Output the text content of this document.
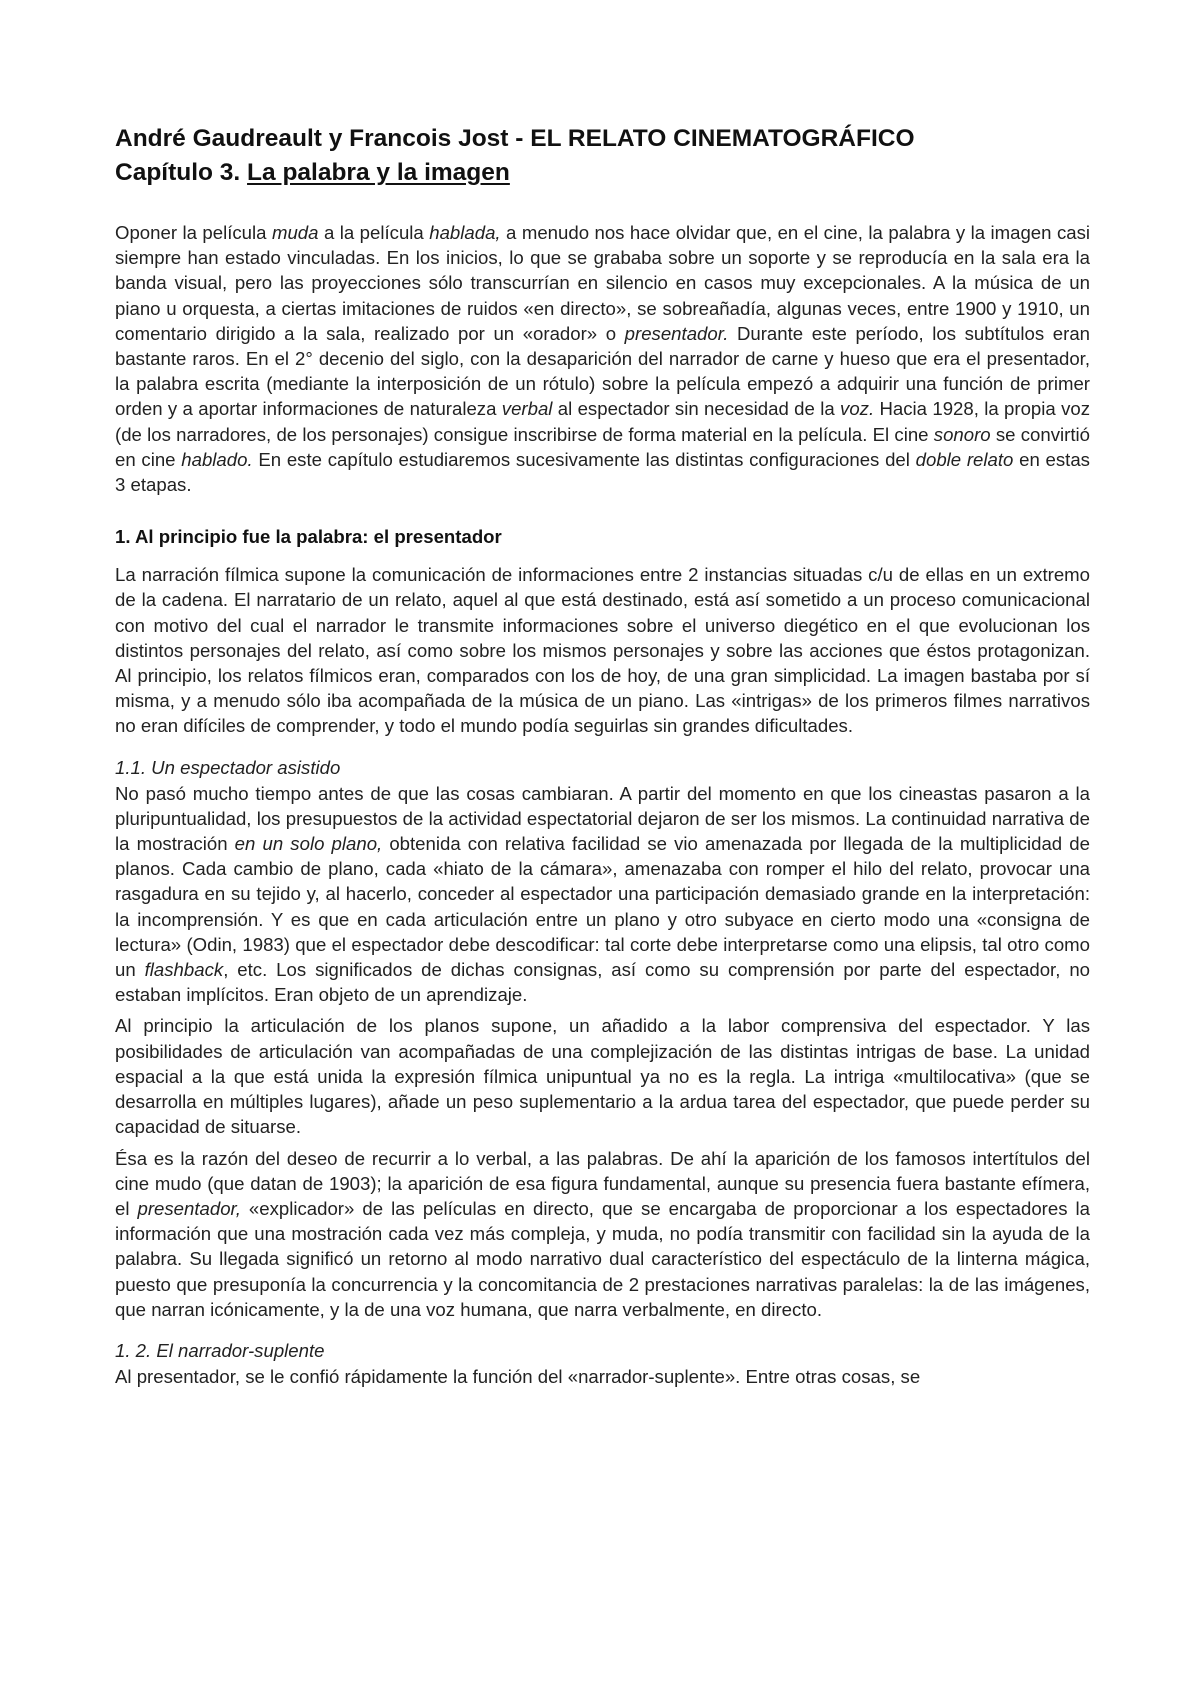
André Gaudreault y Francois Jost - EL RELATO CINEMATOGRÁFICO
Capítulo 3. La palabra y la imagen

Oponer la película muda a la película hablada, a menudo nos hace olvidar que, en el cine, la palabra y la imagen casi siempre han estado vinculadas. En los inicios, lo que se grababa sobre un soporte y se reproducía en la sala era la banda visual, pero las proyecciones sólo transcurrían en silencio en casos muy excepcionales. A la música de un piano u orquesta, a ciertas imitaciones de ruidos «en directo», se sobreañadía, algunas veces, entre 1900 y 1910, un comentario dirigido a la sala, realizado por un «orador» o presentador. Durante este período, los subtítulos eran bastante raros. En el 2° decenio del siglo, con la desaparición del narrador de carne y hueso que era el presentador, la palabra escrita (mediante la interposición de un rótulo) sobre la película empezó a adquirir una función de primer orden y a aportar informaciones de naturaleza verbal al espectador sin necesidad de la voz. Hacia 1928, la propia voz (de los narradores, de los personajes) consigue inscribirse de forma material en la película. El cine sonoro se convirtió en cine hablado. En este capítulo estudiaremos sucesivamente las distintas configuraciones del doble relato en estas 3 etapas.

1. Al principio fue la palabra: el presentador

La narración fílmica supone la comunicación de informaciones entre 2 instancias situadas c/u de ellas en un extremo de la cadena. El narratario de un relato, aquel al que está destinado, está así sometido a un proceso comunicacional con motivo del cual el narrador le transmite informaciones sobre el universo diegético en el que evolucionan los distintos personajes del relato, así como sobre los mismos personajes y sobre las acciones que éstos protagonizan. Al principio, los relatos fílmicos eran, comparados con los de hoy, de una gran simplicidad. La imagen bastaba por sí misma, y a menudo sólo iba acompañada de la música de un piano. Las «intrigas» de los primeros filmes narrativos no eran difíciles de comprender, y todo el mundo podía seguirlas sin grandes dificultades.

1.1. Un espectador asistido

No pasó mucho tiempo antes de que las cosas cambiaran. A partir del momento en que los cineastas pasaron a la pluripuntualidad, los presupuestos de la actividad espectatorial dejaron de ser los mismos. La continuidad narrativa de la mostración en un solo plano, obtenida con relativa facilidad se vio amenazada por llegada de la multiplicidad de planos. Cada cambio de plano, cada «hiato de la cámara», amenazaba con romper el hilo del relato, provocar una rasgadura en su tejido y, al hacerlo, conceder al espectador una participación demasiado grande en la interpretación: la incomprensión. Y es que en cada articulación entre un plano y otro subyace en cierto modo una «consigna de lectura» (Odin, 1983) que el espectador debe descodificar: tal corte debe interpretarse como una elipsis, tal otro como un flashback, etc. Los significados de dichas consignas, así como su comprensión por parte del espectador, no estaban implícitos. Eran objeto de un aprendizaje.

Al principio la articulación de los planos supone, un añadido a la labor comprensiva del espectador. Y las posibilidades de articulación van acompañadas de una complejización de las distintas intrigas de base. La unidad espacial a la que está unida la expresión fílmica unipuntual ya no es la regla. La intriga «multilocativa» (que se desarrolla en múltiples lugares), añade un peso suplementario a la ardua tarea del espectador, que puede perder su capacidad de situarse.

Ésa es la razón del deseo de recurrir a lo verbal, a las palabras. De ahí la aparición de los famosos intertítulos del cine mudo (que datan de 1903); la aparición de esa figura fundamental, aunque su presencia fuera bastante efímera, el presentador, «explicador» de las películas en directo, que se encargaba de proporcionar a los espectadores la información que una mostración cada vez más compleja, y muda, no podía transmitir con facilidad sin la ayuda de la palabra. Su llegada significó un retorno al modo narrativo dual característico del espectáculo de la linterna mágica, puesto que presuponía la concurrencia y la concomitancia de 2 prestaciones narrativas paralelas: la de las imágenes, que narran icónicamente, y la de una voz humana, que narra verbalmente, en directo.

1. 2. El narrador-suplente

Al presentador, se le confió rápidamente la función del «narrador-suplente». Entre otras cosas, se
